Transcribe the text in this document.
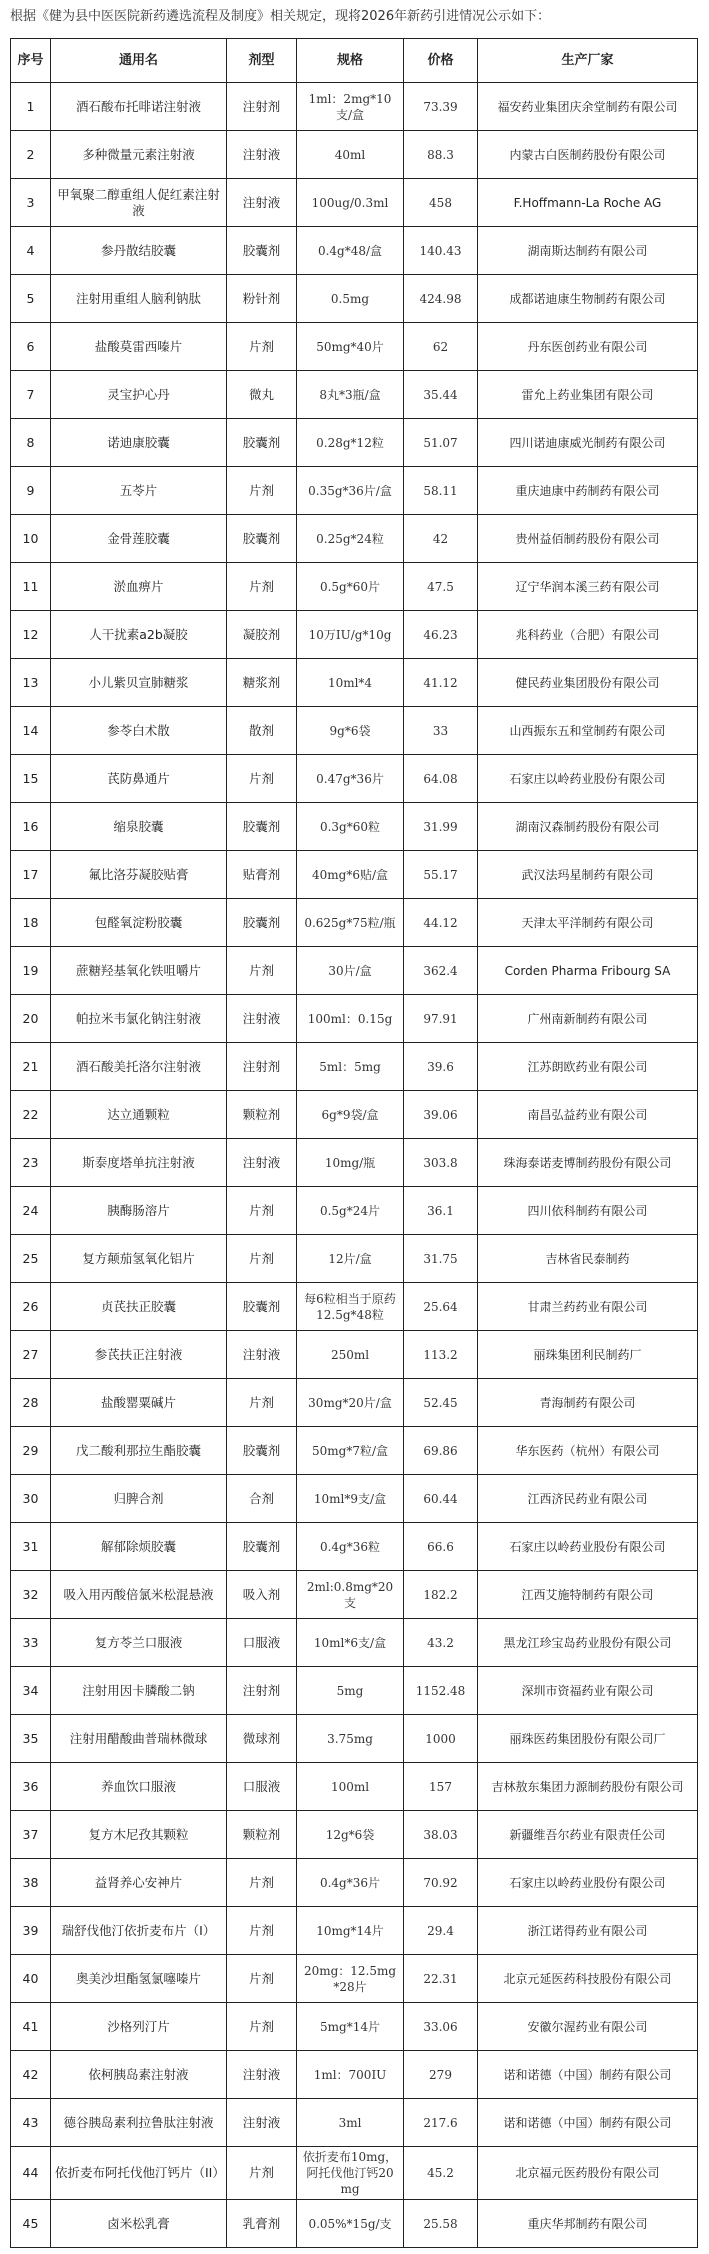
根据《健为县中医医院新药遴选流程及制度》相关规定，现将2026年新药引进情况公示如下：
序号	通用名	剂型	规格	价格	生产厂家
1	酒石酸布托啡诺注射液	注射剂	1ml：2mg*10支/盒	73.39	福安药业集团庆余堂制药有限公司
2	多种微量元素注射液	注射液	40ml	88.3	内蒙古白医制药股份有限公司
3	甲氧聚二醇重组人促红素注射液	注射液	100ug/0.3ml	458	F.Hoffmann-La Roche AG
4	参丹散结胶囊	胶囊剂	0.4g*48/盒	140.43	湖南斯达制药有限公司
5	注射用重组人脑利钠肽	粉针剂	0.5mg	424.98	成都诺迪康生物制药有限公司
6	盐酸莫雷西嗪片	片剂	50mg*40片	62	丹东医创药业有限公司
7	灵宝护心丹	微丸	8丸*3瓶/盒	35.44	雷允上药业集团有限公司
8	诺迪康胶囊	胶囊剂	0.28g*12粒	51.07	四川诺迪康威光制药有限公司
9	五苓片	片剂	0.35g*36片/盒	58.11	重庆迪康中药制药有限公司
10	金骨莲胶囊	胶囊剂	0.25g*24粒	42	贵州益佰制药股份有限公司
11	淤血痹片	片剂	0.5g*60片	47.5	辽宁华润本溪三药有限公司
12	人干扰素a2b凝胶	凝胶剂	10万IU/g*10g	46.23	兆科药业（合肥）有限公司
13	小儿紫贝宣肺糖浆	糖浆剂	10ml*4	41.12	健民药业集团股份有限公司
14	参苓白术散	散剂	9g*6袋	33	山西振东五和堂制药有限公司
15	芪防鼻通片	片剂	0.47g*36片	64.08	石家庄以岭药业股份有限公司
16	缩泉胶囊	胶囊剂	0.3g*60粒	31.99	湖南汉森制药股份有限公司
17	氟比洛芬凝胶贴膏	贴膏剂	40mg*6贴/盒	55.17	武汉法玛星制药有限公司
18	包醛氧淀粉胶囊	胶囊剂	0.625g*75粒/瓶	44.12	天津太平洋制药有限公司
19	蔗糖羟基氧化铁咀嚼片	片剂	30片/盒	362.4	Corden Pharma Fribourg SA
20	帕拉米韦氯化钠注射液	注射液	100ml：0.15g	97.91	广州南新制药有限公司
21	酒石酸美托洛尔注射液	注射剂	5ml：5mg	39.6	江苏朗欧药业有限公司
22	达立通颗粒	颗粒剂	6g*9袋/盒	39.06	南昌弘益药业有限公司
23	斯泰度塔单抗注射液	注射液	10mg/瓶	303.8	珠海泰诺麦博制药股份有限公司
24	胰酶肠溶片	片剂	0.5g*24片	36.1	四川依科制药有限公司
25	复方颠茄氢氧化铝片	片剂	12片/盒	31.75	吉林省民泰制药
26	贞芪扶正胶囊	胶囊剂	每6粒相当于原药12.5g*48粒	25.64	甘肃兰药药业有限公司
27	参芪扶正注射液	注射液	250ml	113.2	丽珠集团利民制药厂
28	盐酸罂粟碱片	片剂	30mg*20片/盒	52.45	青海制药有限公司
29	戊二酸利那拉生酯胶囊	胶囊剂	50mg*7粒/盒	69.86	华东医药（杭州）有限公司
30	归脾合剂	合剂	10ml*9支/盒	60.44	江西济民药业有限公司
31	解郁除烦胶囊	胶囊剂	0.4g*36粒	66.6	石家庄以岭药业股份有限公司
32	吸入用丙酸倍氯米松混悬液	吸入剂	2ml:0.8mg*20支	182.2	江西艾施特制药有限公司
33	复方苓兰口服液	口服液	10ml*6支/盒	43.2	黑龙江珍宝岛药业股份有限公司
34	注射用因卡膦酸二钠	注射剂	5mg	1152.48	深圳市资福药业有限公司
35	注射用醋酸曲普瑞林微球	微球剂	3.75mg	1000	丽珠医药集团股份有限公司厂
36	养血饮口服液	口服液	100ml	157	吉林敖东集团力源制药股份有限公司
37	复方木尼孜其颗粒	颗粒剂	12g*6袋	38.03	新疆维吾尔药业有限责任公司
38	益肾养心安神片	片剂	0.4g*36片	70.92	石家庄以岭药业股份有限公司
39	瑞舒伐他汀依折麦布片（I）	片剂	10mg*14片	29.4	浙江诺得药业有限公司
40	奥美沙坦酯氢氯噻嗪片	片剂	20mg：12.5mg*28片	22.31	北京元延医药科技股份有限公司
41	沙格列汀片	片剂	5mg*14片	33.06	安徽尔渥药业有限公司
42	依柯胰岛素注射液	注射液	1ml：700IU	279	诺和诺德（中国）制药有限公司
43	德谷胰岛素利拉鲁肽注射液	注射液	3ml	217.6	诺和诺德（中国）制药有限公司
44	依折麦布阿托伐他汀钙片（II）	片剂	依折麦布10mg，阿托伐他汀钙20mg	45.2	北京福元医药股份有限公司
45	卤米松乳膏	乳膏剂	0.05%*15g/支	25.58	重庆华邦制药有限公司
